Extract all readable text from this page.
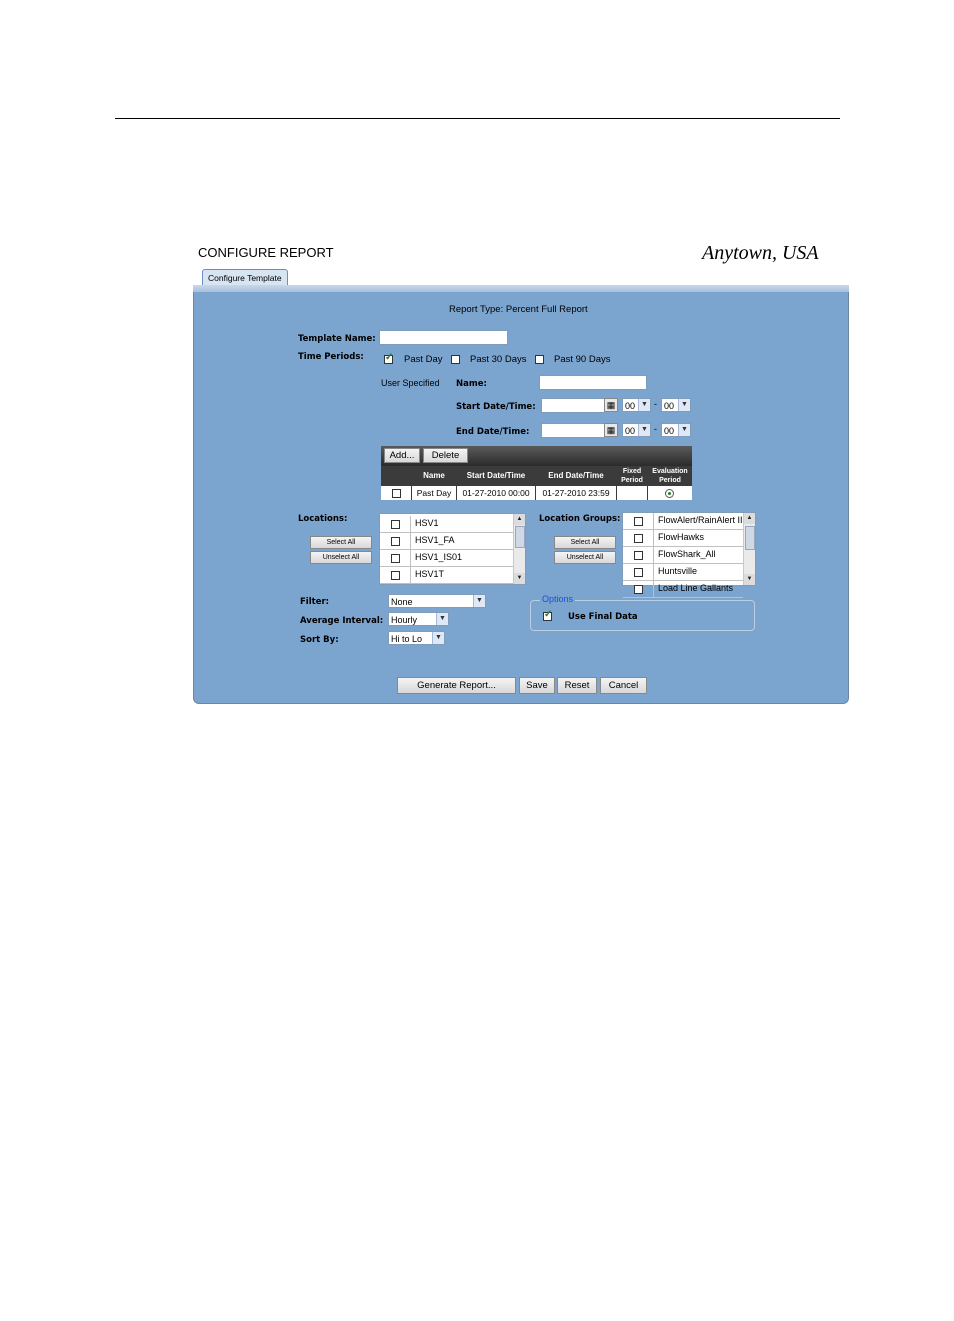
CONFIGURE REPORT	Anytown, USA
Configure Template
Report Type: Percent Full Report
Template Name:
Time Periods:
✓	Past Day	Past 30 Days	Past 90 Days
User Specified Name:
Start Date/Time:	▦	00 ▼ - 00	▼
End Date/Time:	▦	00 ▼ - 00	▼
Add...	Delete
Name	Start Date/Time	End Date/Time	Fixed Period
Evaluation Period
Past Day	01-27-2010 00:00	01-27-2010 23:59
Locations:
Select All
Unselect All
HSV1
HSV1_FA
HSV1_IS01
HSV1T
▲
▼
Location Groups:
Select All
Unselect All
FlowAlert/RainAlert II
FlowHawks
FlowShark_All
Huntsville
Load Line Gallants
▲
▼
Filter:	None	▼
Average Interval: Hourly	▼
Sort By:	Hi to Lo	▼
Options
✓
Use Final Data
Generate Report...	Save	Reset	Cancel
